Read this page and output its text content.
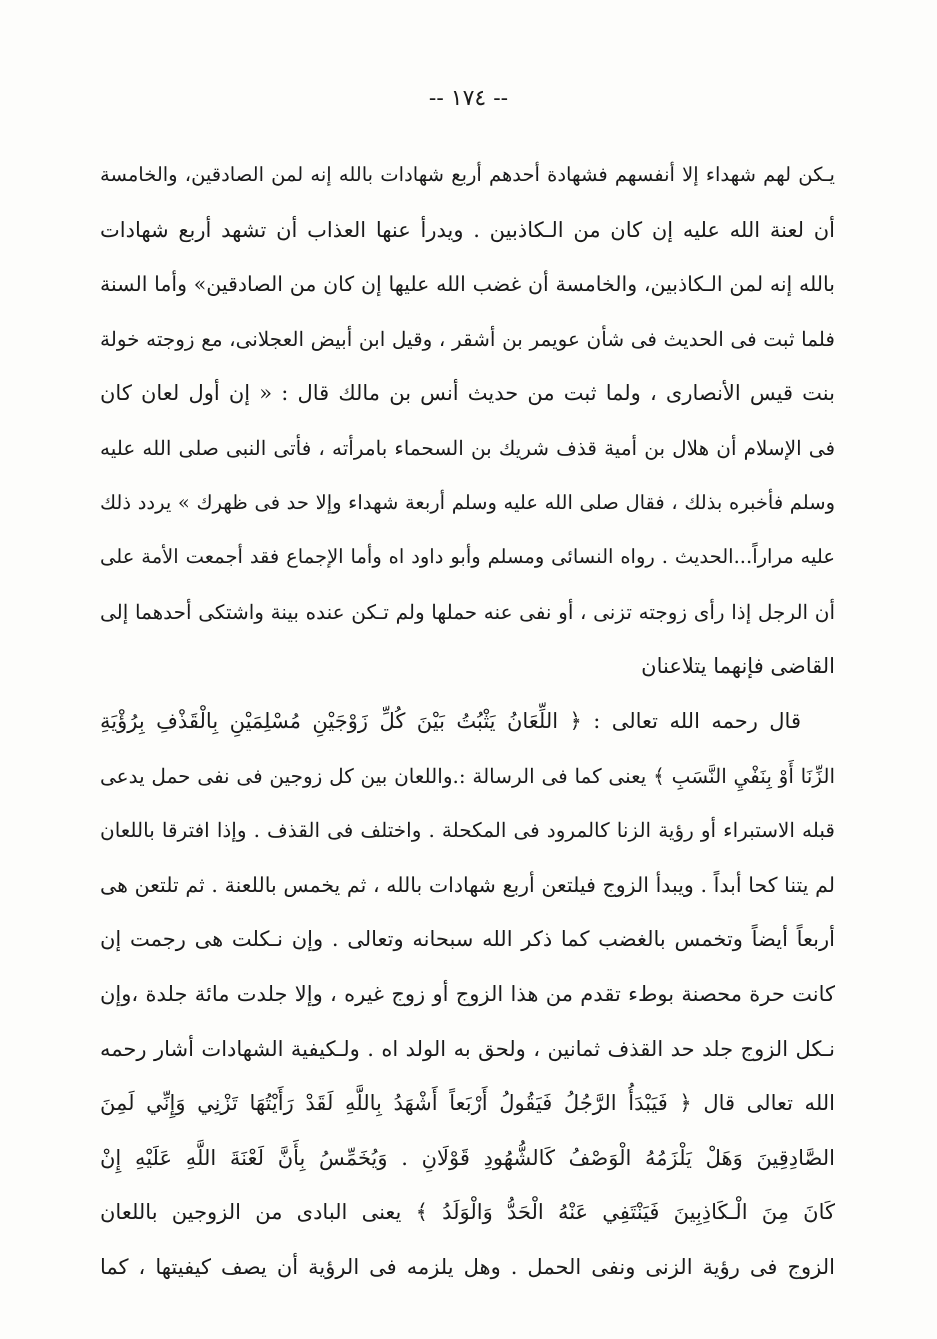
-- ١٧٤ --
يـكن لهم شهداء إلا أنفسهم فشهادة أحدهم أربع شهادات بالله إنه لمن الصادقين، والخامسة
أن لعنة الله عليه إن كان من الـكاذبين . ويدرأ عنها العذاب أن تشهد أربع شهادات
بالله إنه لمن الـكاذبين، والخامسة أن غضب الله عليها إن كان من الصادقين» وأما السنة
فلما ثبت فى الحديث فى شأن عويمر بن أشقر ، وقيل ابن أبيض العجلانى، مع زوجته خولة
بنت قيس الأنصارى ، ولما ثبت من حديث أنس بن مالك قال : « إن أول لعان كان
فى الإسلام أن هلال بن أمية قذف شريك بن السحماء بامرأته ، فأتى النبى صلى الله عليه
وسلم فأخبره بذلك ، فقال صلى الله عليه وسلم أربعة شهداء وإلا حد فى ظهرك » يردد ذلك
عليه مراراً...الحديث . رواه النسائى ومسلم وأبو داود اه وأما الإجماع فقد أجمعت الأمة على
أن الرجل إذا رأى زوجته تزنى ، أو نفى عنه حملها ولم تـكن عنده بينة واشتكى أحدهما إلى
القاضى فإنهما يتلاعنان
قال رحمه الله تعالى : ﴿ اللِّعَانُ يَثْبُتُ بَيْنَ كُلِّ زَوْجَيْنِ مُسْلِمَيْنِ بِالْقَذْفِ بِرُؤْيَةِ
الزِّنَا أَوْ بِنَفْيِ النَّسَبِ ﴾ يعنى كما فى الرسالة :.واللعان بين كل زوجين فى نفى حمل يدعى
قبله الاستبراء أو رؤية الزنا كالمرود فى المكحلة . واختلف فى القذف . وإذا افترقا باللعان
لم يتنا كحا أبداً . ويبدأ الزوج فيلتعن أربع شهادات بالله ، ثم يخمس باللعنة . ثم تلتعن هى
أربعاً أيضاً وتخمس بالغضب كما ذكر الله سبحانه وتعالى . وإن نـكلت هى رجمت إن
كانت حرة محصنة بوطء تقدم من هذا الزوج أو زوج غيره ، وإلا جلدت مائة جلدة ،وإن
نـكل الزوج جلد حد القذف ثمانين ، ولحق به الولد اه . ولـكيفية الشهادات أشار رحمه
الله تعالى قال ﴿ فَيَبْدَأُ الرَّجُلُ فَيَقُولُ أَرْبَعاً أَشْهَدُ بِاللَّهِ لَقَدْ رَأَيْتُهَا تَزْنِي وَإِنِّي لَمِنَ
الصَّادِقِينَ وَهَلْ يَلْزَمُهُ الْوَصْفُ كَالشُّهُودِ قَوْلَانِ . وَيُخَمِّسُ بِأَنَّ لَعْنَةَ اللَّهِ عَلَيْهِ إِنْ
كَانَ مِنَ الْـكَاذِبِينَ فَيَنْتَفِي عَنْهُ الْحَدُّ وَالْوَلَدُ ﴾ يعنى البادى من الزوجين باللعان
الزوج فى رؤية الزنى ونفى الحمل . وهل يلزمه فى الرؤية أن يصف كيفيتها ، كما
